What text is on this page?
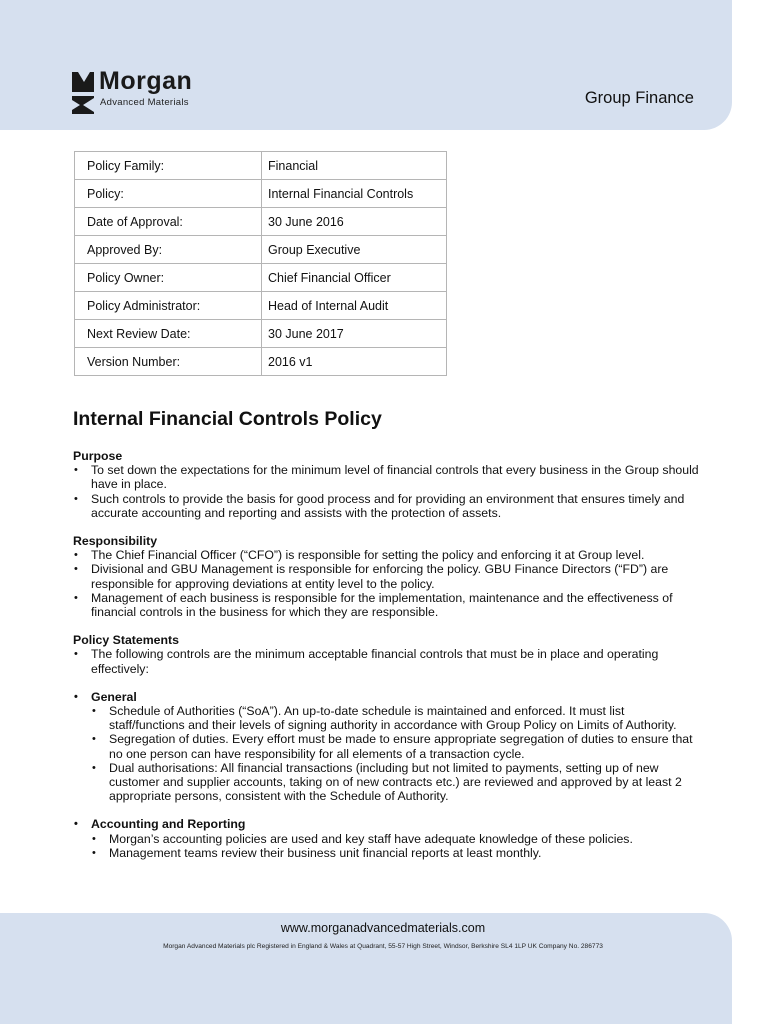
Morgan
Advanced Materials	Group Finance
Policy Family:	Financial
Policy:	Internal Financial Controls
Date of Approval:	30 June 2016
Approved By:	Group Executive
Policy Owner:	Chief Financial Officer
Policy Administrator:	Head of Internal Audit
Next Review Date:	30 June 2017
Version Number:	2016 v1
Internal Financial Controls Policy

Purpose

• To set down the expectations for the minimum level of financial controls that every business in the Group should have in place.
• Such controls to provide the basis for good process and for providing an environment that ensures timely and accurate accounting and reporting and assists with the protection of assets.

Responsibility

• The Chief Financial Officer (“CFO”) is responsible for setting the policy and enforcing it at Group level.
• Divisional and GBU Management is responsible for enforcing the policy. GBU Finance Directors (“FD”) are responsible for approving deviations at entity level to the policy.
• Management of each business is responsible for the implementation, maintenance and the effectiveness of financial controls in the business for which they are responsible.

Policy Statements

• The following controls are the minimum acceptable financial controls that must be in place and operating effectively:
• General
• Schedule of Authorities (“SoA”). An up-to-date schedule is maintained and enforced. It must list staff/functions and their levels of signing authority in accordance with Group Policy on Limits of Authority.
• Segregation of duties. Every effort must be made to ensure appropriate segregation of duties to ensure that no one person can have responsibility for all elements of a transaction cycle.
• Dual authorisations: All financial transactions (including but not limited to payments, setting up of new customer and supplier accounts, taking on of new contracts etc.) are reviewed and approved by at least 2 appropriate persons, consistent with the Schedule of Authority.
• Accounting and Reporting
• Morgan’s accounting policies are used and key staff have adequate knowledge of these policies.
• Management teams review their business unit financial reports at least monthly.
www.morganadvancedmaterials.com
Morgan Advanced Materials plc Registered in England & Wales at Quadrant, 55-57 High Street, Windsor, Berkshire SL4 1LP UK Company No. 286773
